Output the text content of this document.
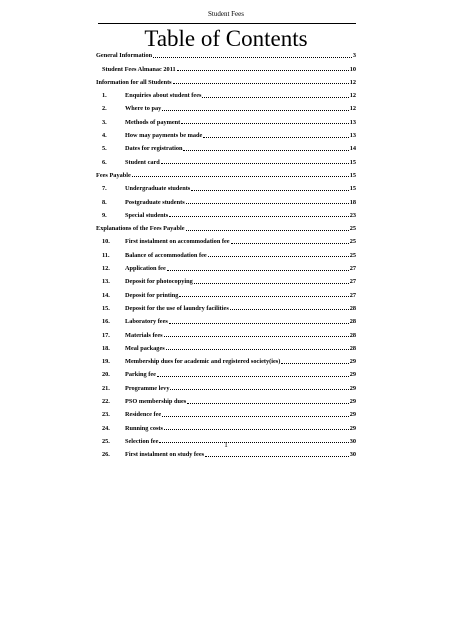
Student Fees
Table of Contents
General Information	3
Student Fees Almanac 2011	10
Information for all Students	12
1.	Enquiries about student fees	12
2.	Where to pay	12
3.	Methods of payment	13
4.	How may payments be made	13
5.	Dates for registration	14
6.	Student card	15
Fees Payable	15
7.	Undergraduate students	15
8.	Postgraduate students	18
9.	Special students	23
Explanations of the Fees Payable	25
10.	First instalment on accommodation fee	25
11.	Balance of accommodation fee	25
12.	Application fee	27
13.	Deposit for photocopying	27
14.	Deposit for printing	27
15.	Deposit for the use of laundry facilities	28
16.	Laboratory fees	28
17.	Materials fees	28
18.	Meal packages	28
19.	Membership dues for academic and registered society(ies)	29
20.	Parking fee	29
21.	Programme levy	29
22.	PSO membership dues	29
23.	Residence fee	29
24.	Running costs	29
25.	Selection fee	30
26.	First instalment on study fees	30
1
